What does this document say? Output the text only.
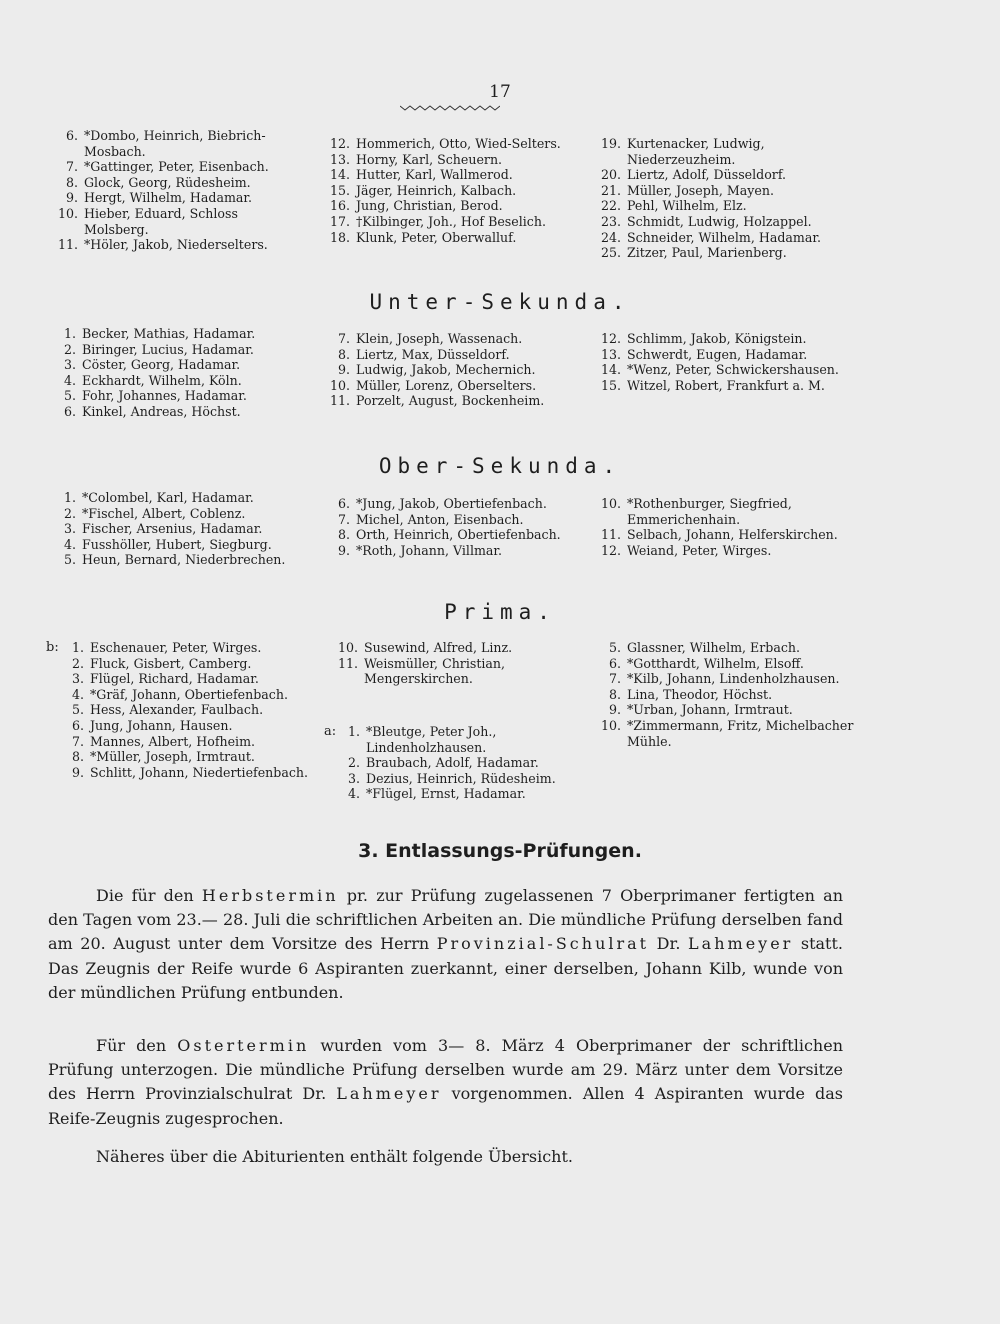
17
6. *Dombo, Heinrich, Biebrich-Mosbach.
7. *Gattinger, Peter, Eisenbach.
8. Glock, Georg, Rüdesheim.
9. Hergt, Wilhelm, Hadamar.
10. Hieber, Eduard, Schloss Molsberg.
11. *Höler, Jakob, Niederselters.
12. Hommerich, Otto, Wied-Selters.
13. Horny, Karl, Scheuern.
14. Hutter, Karl, Wallmerod.
15. Jäger, Heinrich, Kalbach.
16. Jung, Christian, Berod.
17. †Kilbinger, Joh., Hof Beselich.
18. Klunk, Peter, Oberwalluf.
19. Kurtenacker, Ludwig, Niederzeuzheim.
20. Liertz, Adolf, Düsseldorf.
21. Müller, Joseph, Mayen.
22. Pehl, Wilhelm, Elz.
23. Schmidt, Ludwig, Holzappel.
24. Schneider, Wilhelm, Hadamar.
25. Zitzer, Paul, Marienberg.
Unter-Sekunda.
1. Becker, Mathias, Hadamar.
2. Biringer, Lucius, Hadamar.
3. Cöster, Georg, Hadamar.
4. Eckhardt, Wilhelm, Köln.
5. Fohr, Johannes, Hadamar.
6. Kinkel, Andreas, Höchst.
7. Klein, Joseph, Wassenach.
8. Liertz, Max, Düsseldorf.
9. Ludwig, Jakob, Mechernich.
10. Müller, Lorenz, Oberselters.
11. Porzelt, August, Bockenheim.
12. Schlimm, Jakob, Königstein.
13. Schwerdt, Eugen, Hadamar.
14. *Wenz, Peter, Schwickershausen.
15. Witzel, Robert, Frankfurt a. M.
Ober-Sekunda.
1. *Colombel, Karl, Hadamar.
2. *Fischel, Albert, Coblenz.
3. Fischer, Arsenius, Hadamar.
4. Fusshöller, Hubert, Siegburg.
5. Heun, Bernard, Niederbrechen.
6. *Jung, Jakob, Obertiefenbach.
7. Michel, Anton, Eisenbach.
8. Orth, Heinrich, Obertiefenbach.
9. *Roth, Johann, Villmar.
10. *Rothenburger, Siegfried, Emmerichenhain.
11. Selbach, Johann, Helferskirchen.
12. Weiand, Peter, Wirges.
Prima.
b:	1. Eschenauer, Peter, Wirges.
2. Fluck, Gisbert, Camberg.
3. Flügel, Richard, Hadamar.
4. *Gräf, Johann, Obertiefenbach.
5. Hess, Alexander, Faulbach.
6. Jung, Johann, Hausen.
7. Mannes, Albert, Hofheim.
8. *Müller, Joseph, Irmtraut.
9. Schlitt, Johann, Niedertiefenbach.
10. Susewind, Alfred, Linz.
11. Weismüller, Christian, Mengerskirchen.
a: 1. *Bleutge, Peter Joh., Lindenholzhausen.
2. Braubach, Adolf, Hadamar.
3. Dezius, Heinrich, Rüdesheim.
4. *Flügel, Ernst, Hadamar.
5. Glassner, Wilhelm, Erbach.
6. *Gotthardt, Wilhelm, Elsoff.
7. *Kilb, Johann, Lindenholzhausen.
8. Lina, Theodor, Höchst.
9. *Urban, Johann, Irmtraut.
10. *Zimmermann, Fritz, Michelbacher Mühle.
3. Entlassungs-Prüfungen.
Die für den Herbstermin pr. zur Prüfung zugelassenen 7 Oberprimaner fertigten an den Tagen vom 23.— 28. Juli die schriftlichen Arbeiten an. Die mündliche Prüfung derselben fand am 20. August unter dem Vorsitze des Herrn Provinzial-Schulrat Dr. Lahmeyer statt. Das Zeugnis der Reife wurde 6 Aspiranten zuerkannt, einer derselben, Johann Kilb, wunde von der mündlichen Prüfung entbunden.
Für den Ostertermin wurden vom 3— 8. März 4 Oberprimaner der schriftlichen Prüfung unterzogen. Die mündliche Prüfung derselben wurde am 29. März unter dem Vorsitze des Herrn Provinzialschulrat Dr. Lahmeyer vorgenommen. Allen 4 Aspiranten wurde das Reife-Zeugnis zugesprochen.
Näheres über die Abiturienten enthält folgende Übersicht.
